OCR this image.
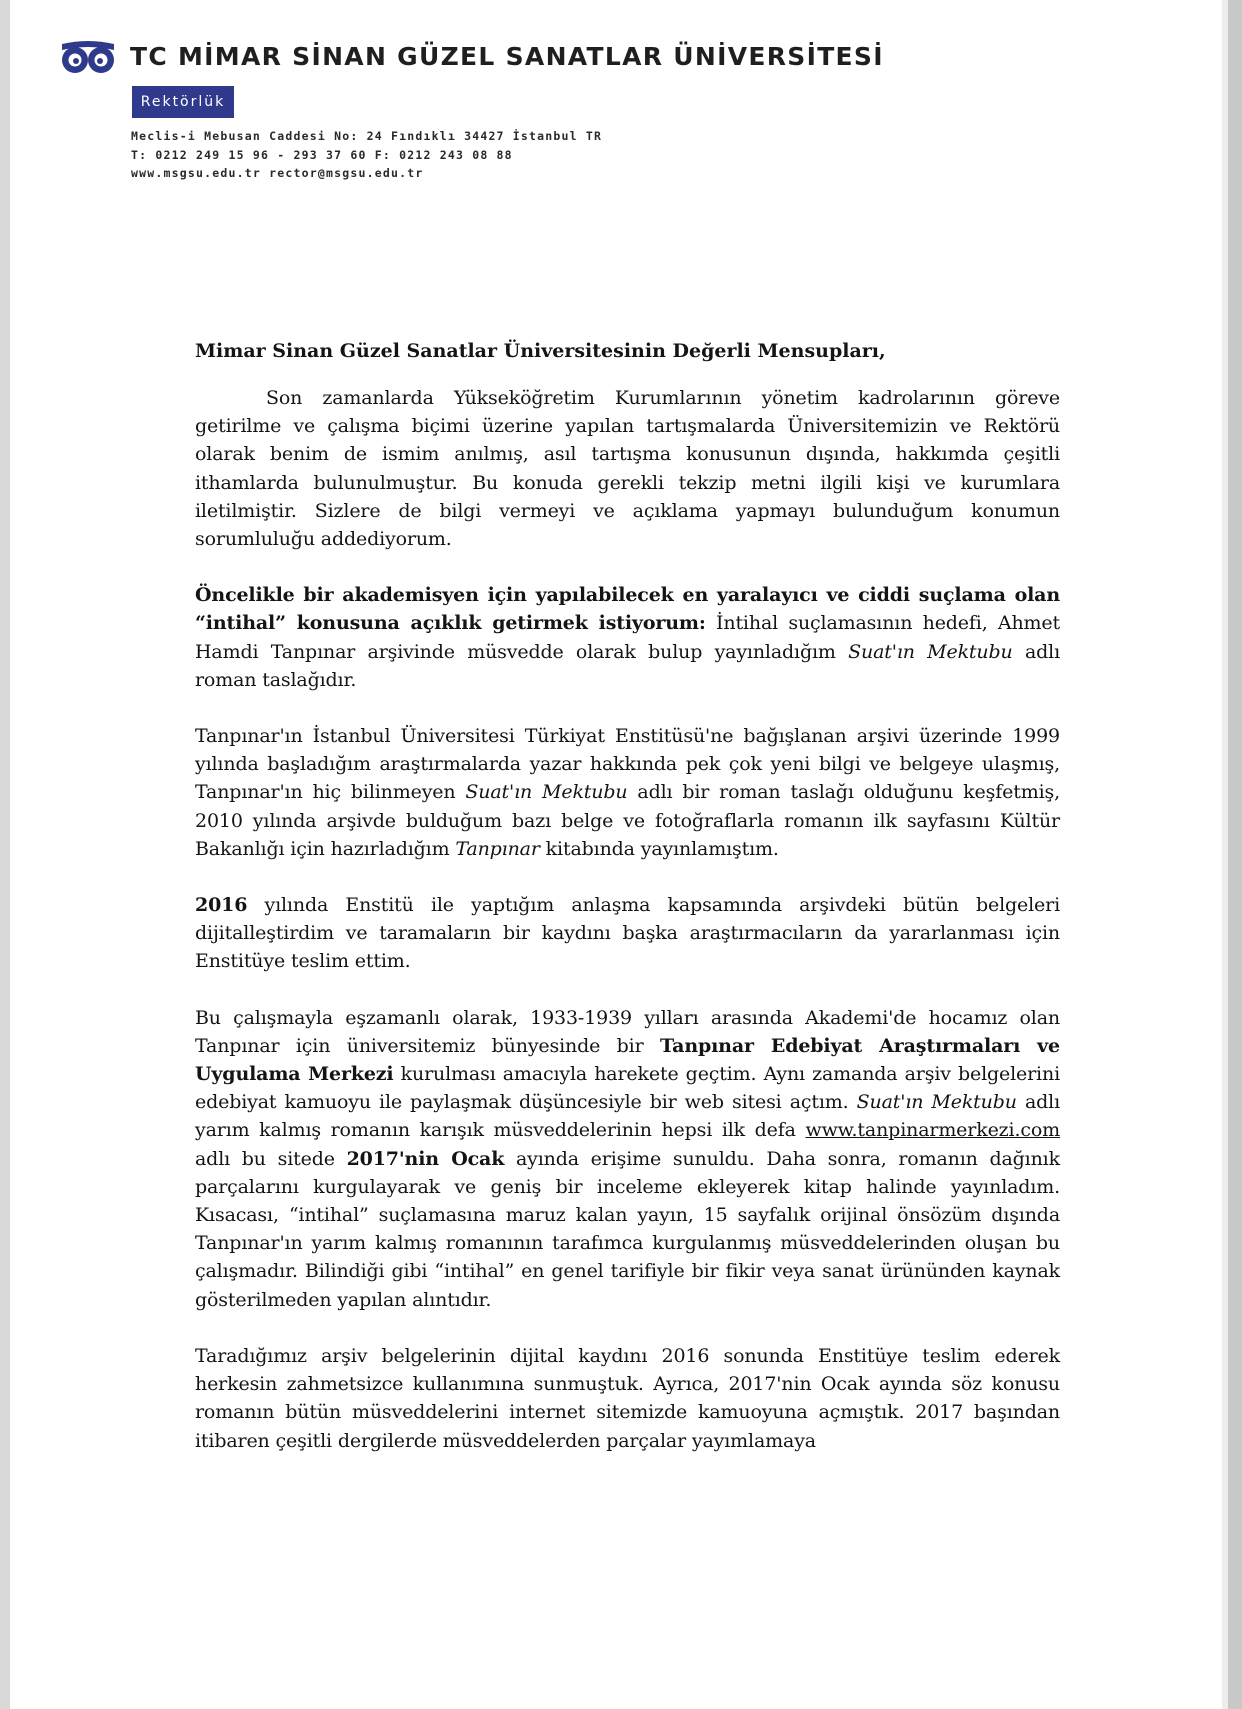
TC MİMAR SİNAN GÜZEL SANATLAR ÜNİVERSİTESİ
Rektörlük
Meclis-i Mebusan Caddesi No: 24 Fındıklı 34427 İstanbul TR
T: 0212 249 15 96 - 293 37 60 F: 0212 243 08 88
www.msgsu.edu.tr rector@msgsu.edu.tr
Mimar Sinan Güzel Sanatlar Üniversitesinin Değerli Mensupları,

Son zamanlarda Yükseköğretim Kurumlarının yönetim kadrolarının göreve getirilme ve çalışma biçimi üzerine yapılan tartışmalarda Üniversitemizin ve Rektörü olarak benim de ismim anılmış, asıl tartışma konusunun dışında, hakkımda çeşitli ithamlarda bulunulmuştur. Bu konuda gerekli tekzip metni ilgili kişi ve kurumlara iletilmiştir. Sizlere de bilgi vermeyi ve açıklama yapmayı bulunduğum konumun sorumluluğu addediyorum.

Öncelikle bir akademisyen için yapılabilecek en yaralayıcı ve ciddi suçlama olan “intihal” konusuna açıklık getirmek istiyorum: İntihal suçlamasının hedefi, Ahmet Hamdi Tanpınar arşivinde müsvedde olarak bulup yayınladığım Suat'ın Mektubu adlı roman taslağıdır.

Tanpınar'ın İstanbul Üniversitesi Türkiyat Enstitüsü'ne bağışlanan arşivi üzerinde 1999 yılında başladığım araştırmalarda yazar hakkında pek çok yeni bilgi ve belgeye ulaşmış, Tanpınar'ın hiç bilinmeyen Suat'ın Mektubu adlı bir roman taslağı olduğunu keşfetmiş, 2010 yılında arşivde bulduğum bazı belge ve fotoğraflarla romanın ilk sayfasını Kültür Bakanlığı için hazırladığım Tanpınar kitabında yayınlamıştım.

2016 yılında Enstitü ile yaptığım anlaşma kapsamında arşivdeki bütün belgeleri dijitalleştirdim ve taramaların bir kaydını başka araştırmacıların da yararlanması için Enstitüye teslim ettim.

Bu çalışmayla eşzamanlı olarak, 1933-1939 yılları arasında Akademi'de hocamız olan Tanpınar için üniversitemiz bünyesinde bir Tanpınar Edebiyat Araştırmaları ve Uygulama Merkezi kurulması amacıyla harekete geçtim. Aynı zamanda arşiv belgelerini edebiyat kamuoyu ile paylaşmak düşüncesiyle bir web sitesi açtım. Suat'ın Mektubu adlı yarım kalmış romanın karışık müsveddelerinin hepsi ilk defa www.tanpinarmerkezi.com adlı bu sitede 2017'nin Ocak ayında erişime sunuldu. Daha sonra, romanın dağınık parçalarını kurgulayarak ve geniş bir inceleme ekleyerek kitap halinde yayınladım. Kısacası, “intihal” suçlamasına maruz kalan yayın, 15 sayfalık orijinal önsözüm dışında Tanpınar'ın yarım kalmış romanının tarafımca kurgulanmış müsveddelerinden oluşan bu çalışmadır. Bilindiği gibi “intihal” en genel tarifiyle bir fikir veya sanat ürününden kaynak gösterilmeden yapılan alıntıdır.

Taradığımız arşiv belgelerinin dijital kaydını 2016 sonunda Enstitüye teslim ederek herkesin zahmetsizce kullanımına sunmuştuk. Ayrıca, 2017'nin Ocak ayında söz konusu romanın bütün müsveddelerini internet sitemizde kamuoyuna açmıştık. 2017 başından itibaren çeşitli dergilerde müsveddelerden parçalar yayımlamaya
